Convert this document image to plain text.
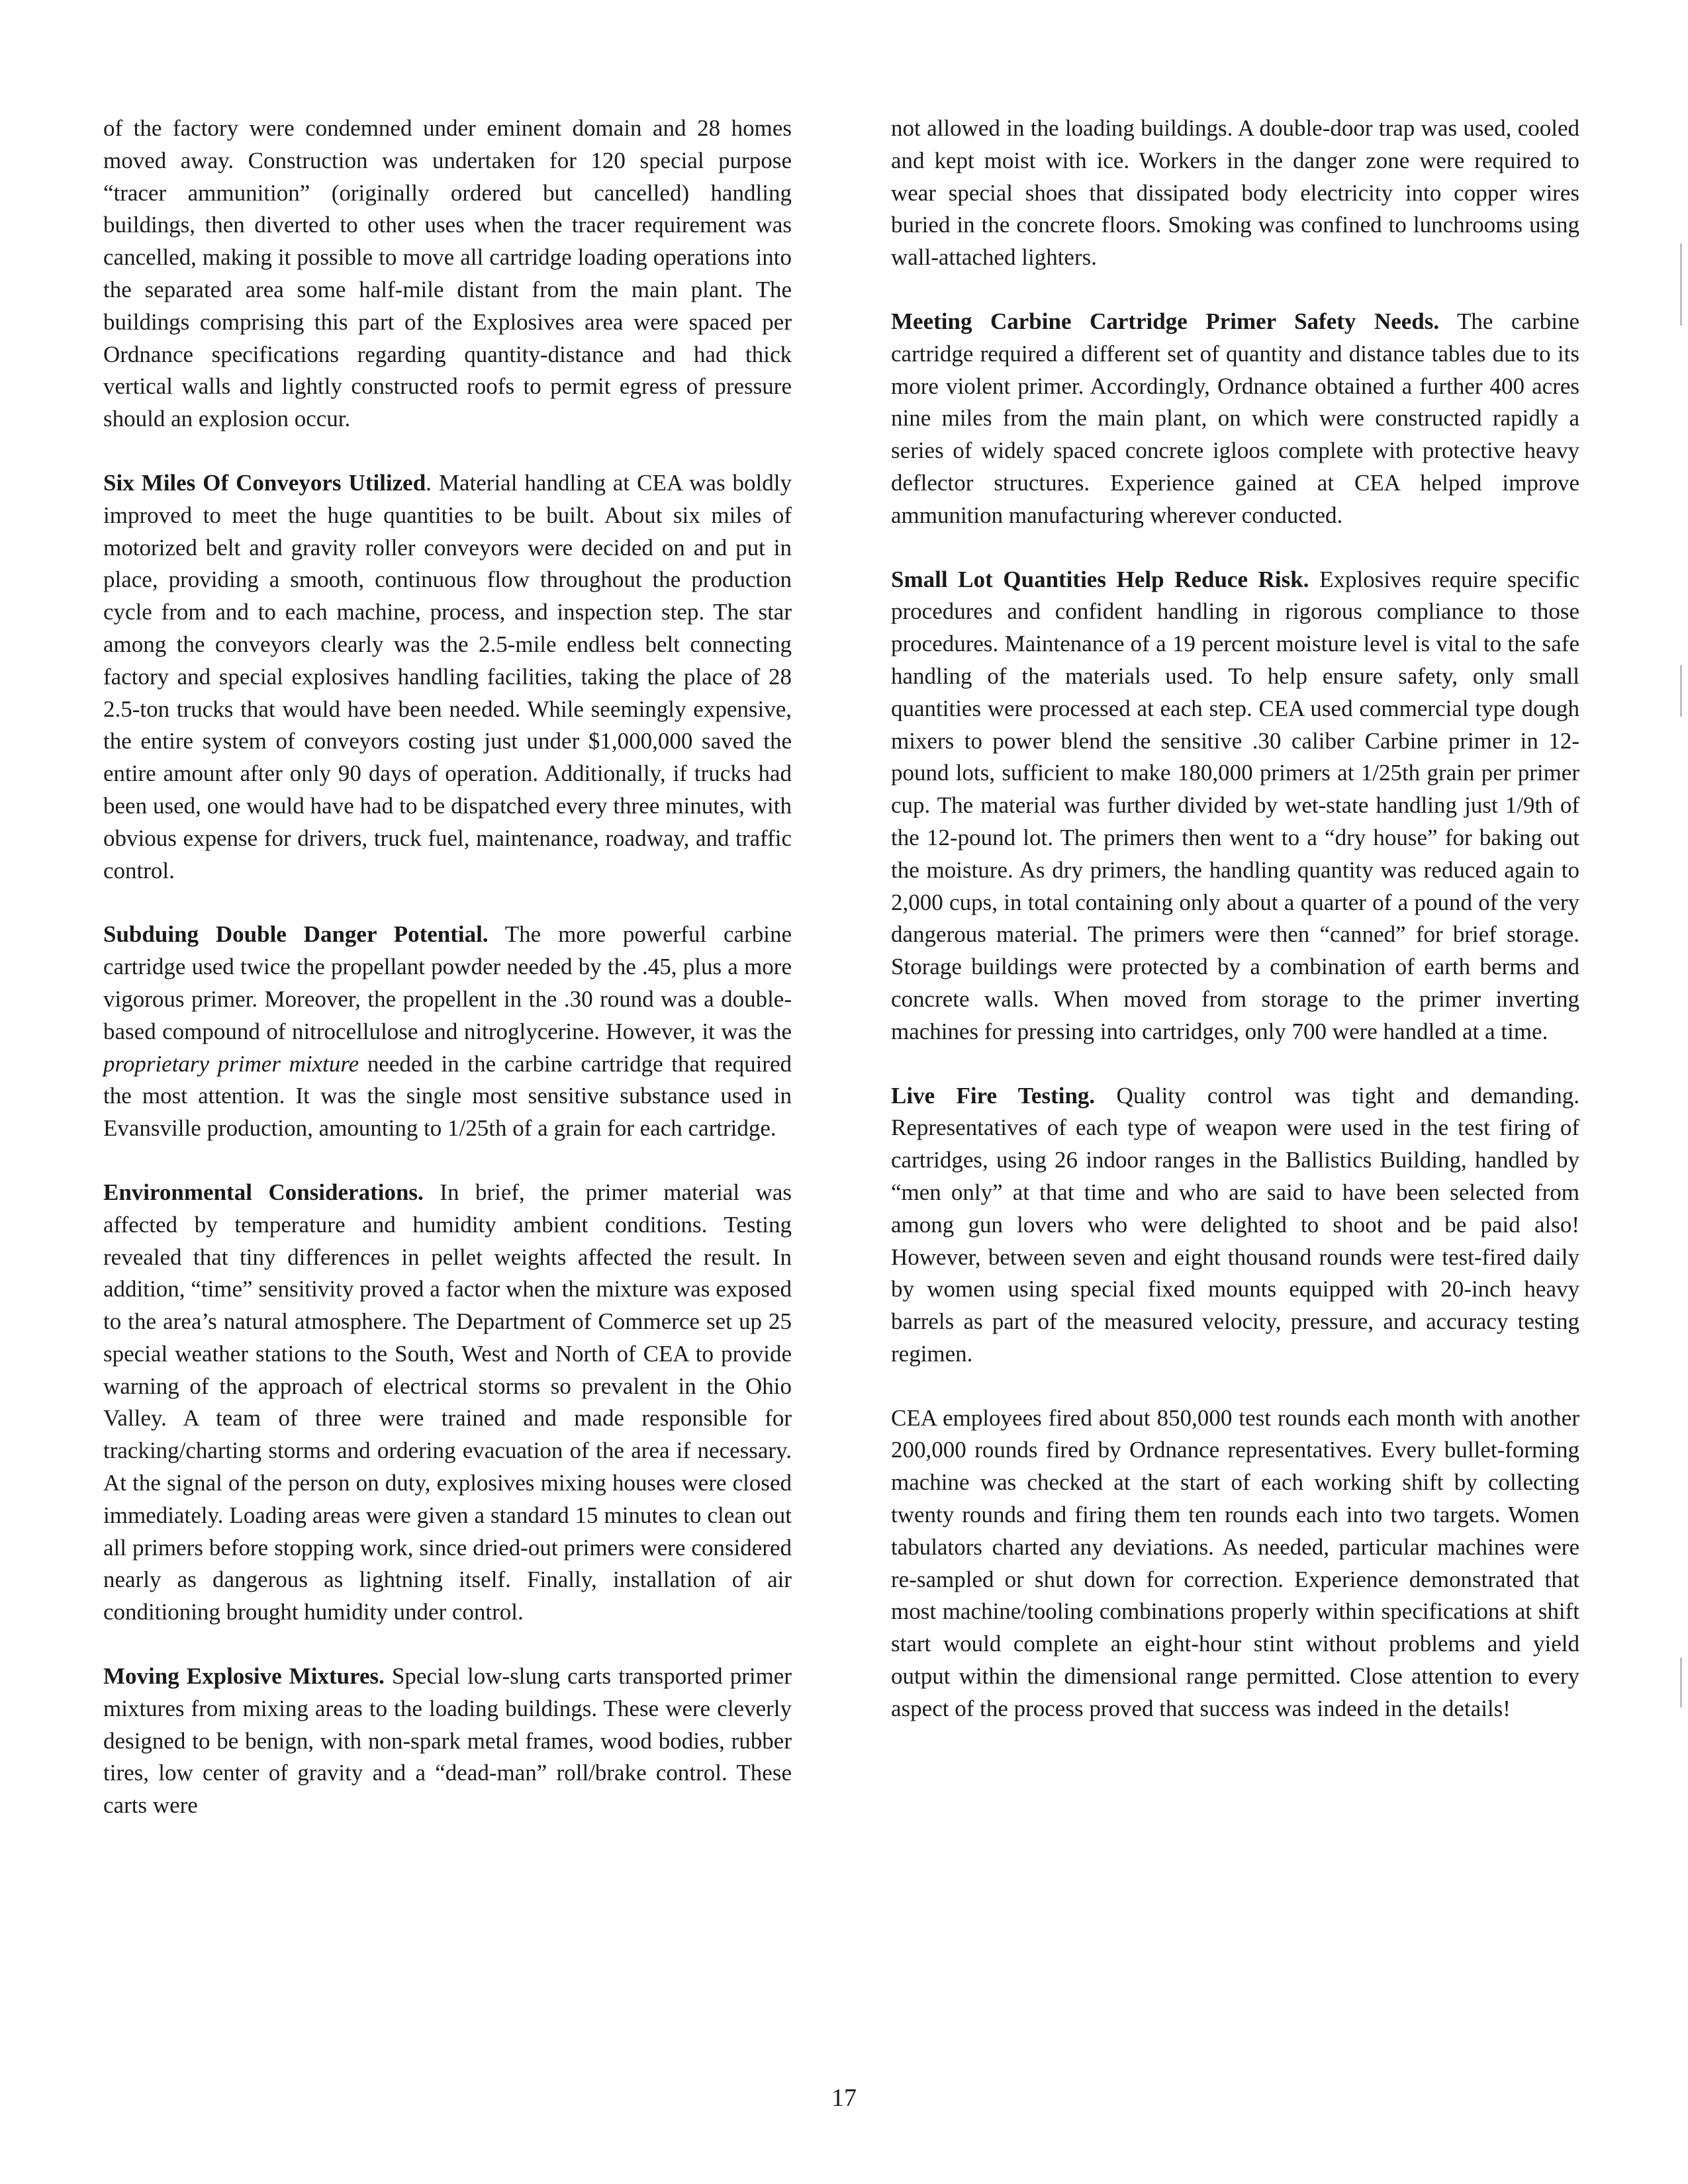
of the factory were condemned under eminent domain and 28 homes moved away. Construction was undertaken for 120 special purpose “tracer ammunition” (originally ordered but cancelled) handling buildings, then diverted to other uses when the tracer requirement was cancelled, making it possible to move all cartridge loading operations into the separated area some half-mile distant from the main plant. The buildings comprising this part of the Explosives area were spaced per Ordnance specifications regarding quantity-distance and had thick vertical walls and lightly constructed roofs to permit egress of pressure should an explosion occur.

Six Miles Of Conveyors Utilized. Material handling at CEA was boldly improved to meet the huge quantities to be built. About six miles of motorized belt and gravity roller conveyors were decided on and put in place, providing a smooth, continuous flow throughout the production cycle from and to each machine, process, and inspection step. The star among the conveyors clearly was the 2.5-mile endless belt connecting factory and special explosives handling facilities, taking the place of 28 2.5-ton trucks that would have been needed. While seemingly expensive, the entire system of conveyors costing just under $1,000,000 saved the entire amount after only 90 days of operation. Additionally, if trucks had been used, one would have had to be dispatched every three minutes, with obvious expense for drivers, truck fuel, maintenance, roadway, and traffic control.

Subduing Double Danger Potential. The more powerful carbine cartridge used twice the propellant powder needed by the .45, plus a more vigorous primer. Moreover, the propellent in the .30 round was a double-based compound of nitrocellulose and nitroglycerine. However, it was the proprietary primer mixture needed in the carbine cartridge that required the most attention. It was the single most sensitive substance used in Evansville production, amounting to 1/25th of a grain for each cartridge.

Environmental Considerations. In brief, the primer material was affected by temperature and humidity ambient conditions. Testing revealed that tiny differences in pellet weights affected the result. In addition, “time” sensitivity proved a factor when the mixture was exposed to the area’s natural atmosphere. The Department of Commerce set up 25 special weather stations to the South, West and North of CEA to provide warning of the approach of electrical storms so prevalent in the Ohio Valley. A team of three were trained and made responsible for tracking/charting storms and ordering evacuation of the area if necessary. At the signal of the person on duty, explosives mixing houses were closed immediately. Loading areas were given a standard 15 minutes to clean out all primers before stopping work, since dried-out primers were considered nearly as dangerous as lightning itself. Finally, installation of air conditioning brought humidity under control.

Moving Explosive Mixtures. Special low-slung carts transported primer mixtures from mixing areas to the loading buildings. These were cleverly designed to be benign, with non-spark metal frames, wood bodies, rubber tires, low center of gravity and a “dead-man” roll/brake control. These carts were

not allowed in the loading buildings. A double-door trap was used, cooled and kept moist with ice. Workers in the danger zone were required to wear special shoes that dissipated body electricity into copper wires buried in the concrete floors. Smoking was confined to lunchrooms using wall-attached lighters.

Meeting Carbine Cartridge Primer Safety Needs. The carbine cartridge required a different set of quantity and distance tables due to its more violent primer. Accordingly, Ordnance obtained a further 400 acres nine miles from the main plant, on which were constructed rapidly a series of widely spaced concrete igloos complete with protective heavy deflector structures. Experience gained at CEA helped improve ammunition manufacturing wherever conducted.

Small Lot Quantities Help Reduce Risk. Explosives require specific procedures and confident handling in rigorous compliance to those procedures. Maintenance of a 19 percent moisture level is vital to the safe handling of the materials used. To help ensure safety, only small quantities were processed at each step. CEA used commercial type dough mixers to power blend the sensitive .30 caliber Carbine primer in 12-pound lots, sufficient to make 180,000 primers at 1/25th grain per primer cup. The material was further divided by wet-state handling just 1/9th of the 12-pound lot. The primers then went to a “dry house” for baking out the moisture. As dry primers, the handling quantity was reduced again to 2,000 cups, in total containing only about a quarter of a pound of the very dangerous material. The primers were then “canned” for brief storage. Storage buildings were protected by a combination of earth berms and concrete walls. When moved from storage to the primer inverting machines for pressing into cartridges, only 700 were handled at a time.

Live Fire Testing. Quality control was tight and demanding. Representatives of each type of weapon were used in the test firing of cartridges, using 26 indoor ranges in the Ballistics Building, handled by “men only” at that time and who are said to have been selected from among gun lovers who were delighted to shoot and be paid also! However, between seven and eight thousand rounds were test-fired daily by women using special fixed mounts equipped with 20-inch heavy barrels as part of the measured velocity, pressure, and accuracy testing regimen.

CEA employees fired about 850,000 test rounds each month with another 200,000 rounds fired by Ordnance representatives. Every bullet-forming machine was checked at the start of each working shift by collecting twenty rounds and firing them ten rounds each into two targets. Women tabulators charted any deviations. As needed, particular machines were re-sampled or shut down for correction. Experience demonstrated that most machine/tooling combinations properly within specifications at shift start would complete an eight-hour stint without problems and yield output within the dimensional range permitted. Close attention to every aspect of the process proved that success was indeed in the details!

17
